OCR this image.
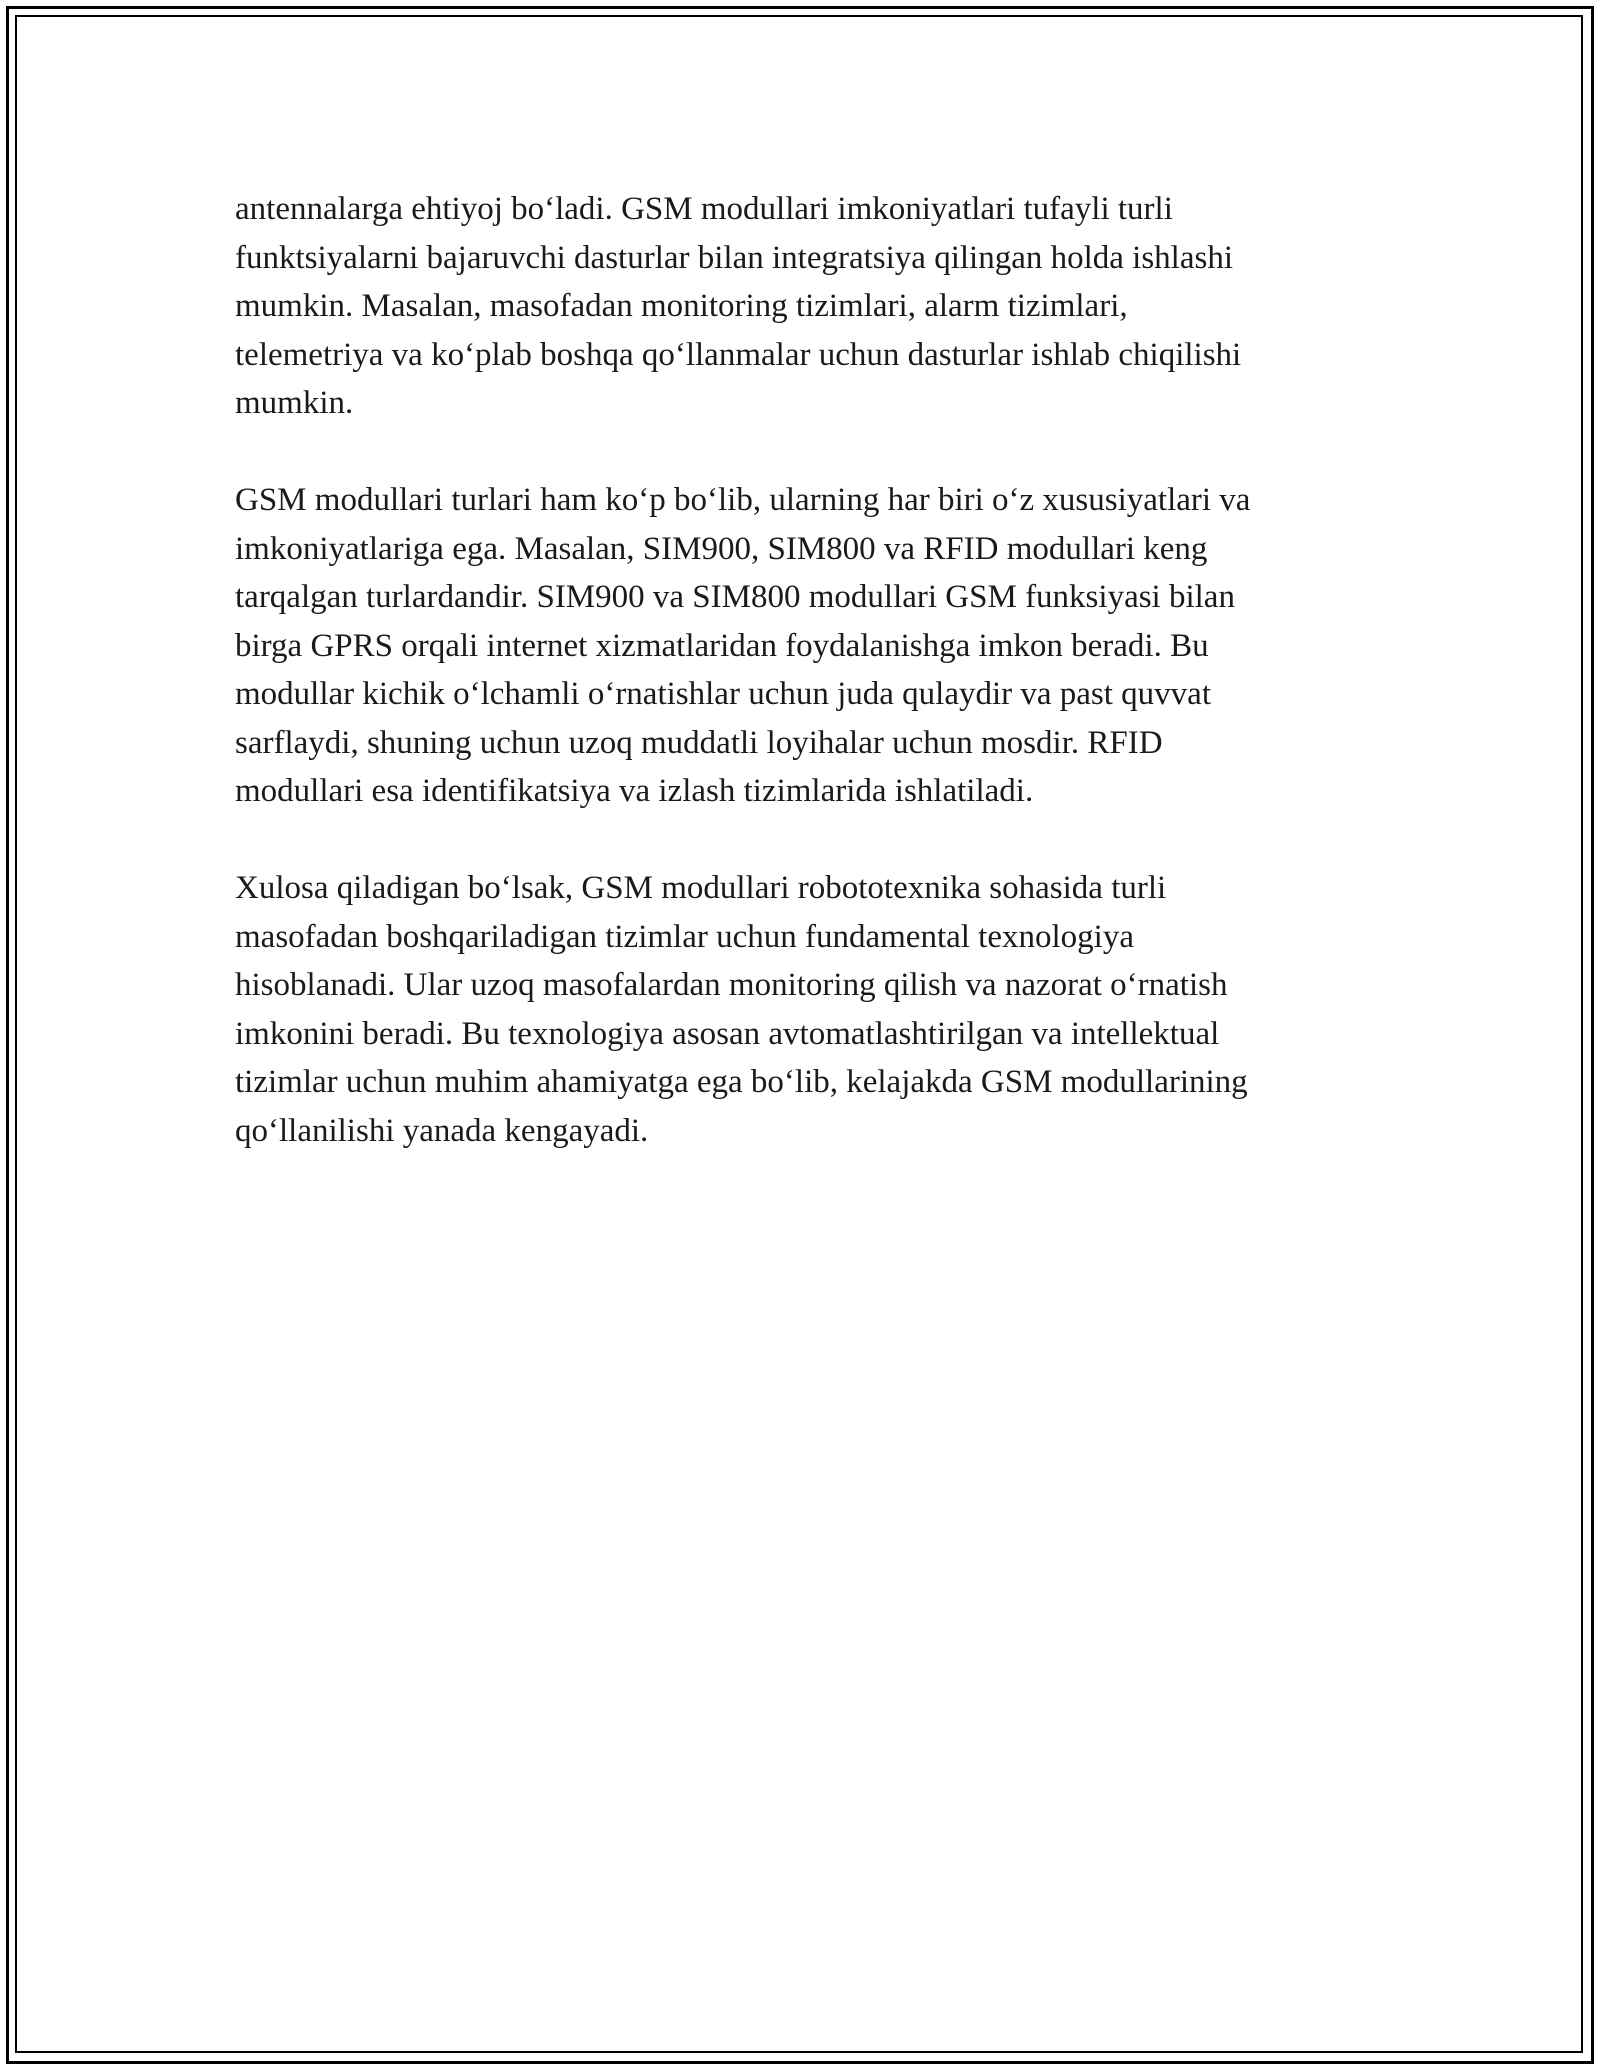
antennalarga ehtiyoj boʻladi. GSM modullari imkoniyatlari tufayli turli
funktsiyalarni bajaruvchi dasturlar bilan integratsiya qilingan holda ishlashi
mumkin. Masalan, masofadan monitoring tizimlari, alarm tizimlari,
telemetriya va koʻplab boshqa qoʻllanmalar uchun dasturlar ishlab chiqilishi
mumkin.

GSM modullari turlari ham koʻp boʻlib, ularning har biri oʻz xususiyatlari va
imkoniyatlariga ega. Masalan, SIM900, SIM800 va RFID modullari keng
tarqalgan turlardandir. SIM900 va SIM800 modullari GSM funksiyasi bilan
birga GPRS orqali internet xizmatlaridan foydalanishga imkon beradi. Bu
modullar kichik oʻlchamli oʻrnatishlar uchun juda qulaydir va past quvvat
sarflaydi, shuning uchun uzoq muddatli loyihalar uchun mosdir. RFID
modullari esa identifikatsiya va izlash tizimlarida ishlatiladi.

Xulosa qiladigan boʻlsak, GSM modullari robototexnika sohasida turli
masofadan boshqariladigan tizimlar uchun fundamental texnologiya
hisoblanadi. Ular uzoq masofalardan monitoring qilish va nazorat oʻrnatish
imkonini beradi. Bu texnologiya asosan avtomatlashtirilgan va intellektual
tizimlar uchun muhim ahamiyatga ega boʻlib, kelajakda GSM modullarining
qoʻllanilishi yanada kengayadi.
